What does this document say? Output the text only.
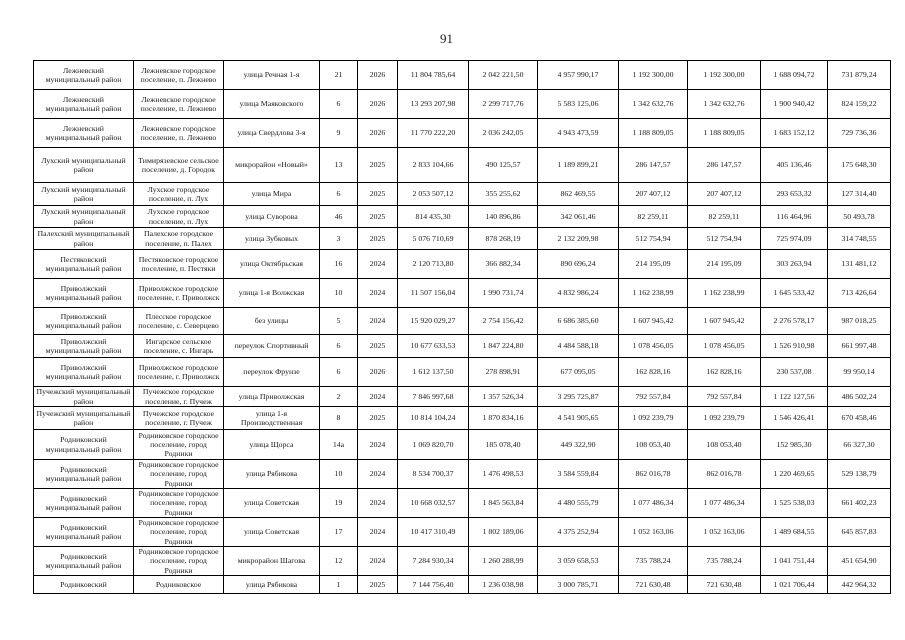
91
Лежневский муниципальный район	Лежневское городское поселение, п. Лежнево	улица Речная 1-я	21	2026	11 804 785,64	2 042 221,50	4 957 990,17	1 192 300,00	1 192 300,00	1 688 094,72	731 879,24
Лежневский муниципальный район	Лежневское городское поселение, п. Лежнево	улица Маяковского	6	2026	13 293 207,98	2 299 717,76	5 583 125,06	1 342 632,76	1 342 632,76	1 900 940,42	824 159,22
Лежневский муниципальный район	Лежневское городское поселение, п. Лежнево	улица Свердлова 3-я	9	2026	11 770 222,20	2 036 242,05	4 943 473,59	1 188 809,05	1 188 809,05	1 683 152,12	729 736,36
Лухский муниципальный район	Тимирязевское сельское поселение, д. Городок	микрорайон «Новый»	13	2025	2 833 104,66	490 125,57	1 189 899,21	286 147,57	286 147,57	405 136,46	175 648,30
Лухский муниципальный район	Лухское городское поселение, п. Лух	улица Мира	6	2025	2 053 507,12	355 255,62	862 469,55	207 407,12	207 407,12	293 653,32	127 314,40
Лухский муниципальный район	Лухское городское поселение, п. Лух	улица Суворова	46	2025	814 435,30	140 896,86	342 061,46	82 259,11	82 259,11	116 464,96	50 493,78
Палехский муниципальный район	Палехское городское поселение, п. Палех	улица Зубковых	3	2025	5 076 710,69	878 268,19	2 132 209,98	512 754,94	512 754,94	725 974,09	314 748,55
Пестяковский муниципальный район	Пестяковское городское поселение, п. Пестяки	улица Октябрьская	16	2024	2 120 713,80	366 882,34	890 696,24	214 195,09	214 195,09	303 263,94	131 481,12
Приволжский муниципальный район	Приволжское городское поселение, г. Приволжск	улица 1-я Волжская	10	2024	11 507 156,04	1 990 731,74	4 832 986,24	1 162 238,99	1 162 238,99	1 645 533,42	713 426,64
Приволжский муниципальный район	Плесское городское поселение, с. Северцево	без улицы	5	2024	15 920 029,27	2 754 156,42	6 686 385,60	1 607 945,42	1 607 945,42	2 276 578,17	987 018,25
Приволжский муниципальный район	Ингарское сельское поселение, с. Ингарь	переулок Спортивный	6	2025	10 677 633,53	1 847 224,80	4 484 588,18	1 078 456,05	1 078 456,05	1 526 910,98	661 997,48
Приволжский муниципальный район	Приволжское городское поселение, г. Приволжск	переулок Фрунзе	6	2026	1 612 137,50	278 898,91	677 095,05	162 828,16	162 828,16	230 537,08	99 950,14
Пучежский муниципальный район	Пучежское городское поселение, г. Пучеж	улица Приволжская	2	2024	7 846 997,68	1 357 526,34	3 295 725,87	792 557,84	792 557,84	1 122 127,56	486 502,24
Пучежский муниципальный район	Пучежское городское поселение, г. Пучеж	улица 1-я Производственная	8	2025	10 814 104,24	1 870 834,16	4 541 905,65	1 092 239,79	1 092 239,79	1 546 426,41	670 458,46
Родниковский муниципальный район	Родниковское городское поселение, город Родники	улица Щорса	14а	2024	1 069 820,70	185 078,40	449 322,90	108 053,40	108 053,40	152 985,30	66 327,30
Родниковский муниципальный район	Родниковское городское поселение, город Родники	улица Рябикова	10	2024	8 534 700,37	1 476 498,53	3 584 559,84	862 016,78	862 016,78	1 220 469,65	529 138,79
Родниковский муниципальный район	Родниковское городское поселение, город Родники	улица Советская	19	2024	10 668 032,57	1 845 563,84	4 480 555,79	1 077 486,34	1 077 486,34	1 525 538,03	661 402,23
Родниковский муниципальный район	Родниковское городское поселение, город Родники	улица Советская	17	2024	10 417 310,49	1 802 189,06	4 375 252,94	1 052 163,06	1 052 163,06	1 489 684,55	645 857,83
Родниковский муниципальный район	Родниковское городское поселение, город Родники	микрорайон Шагова	12	2024	7 284 930,34	1 260 288,99	3 059 658,53	735 788,24	735 788,24	1 041 751,44	451 654,90
Родниковский	Родниковское	улица Рябикова	1	2025	7 144 756,40	1 236 038,98	3 000 785,71	721 630,48	721 630,48	1 021 706,44	442 964,32
